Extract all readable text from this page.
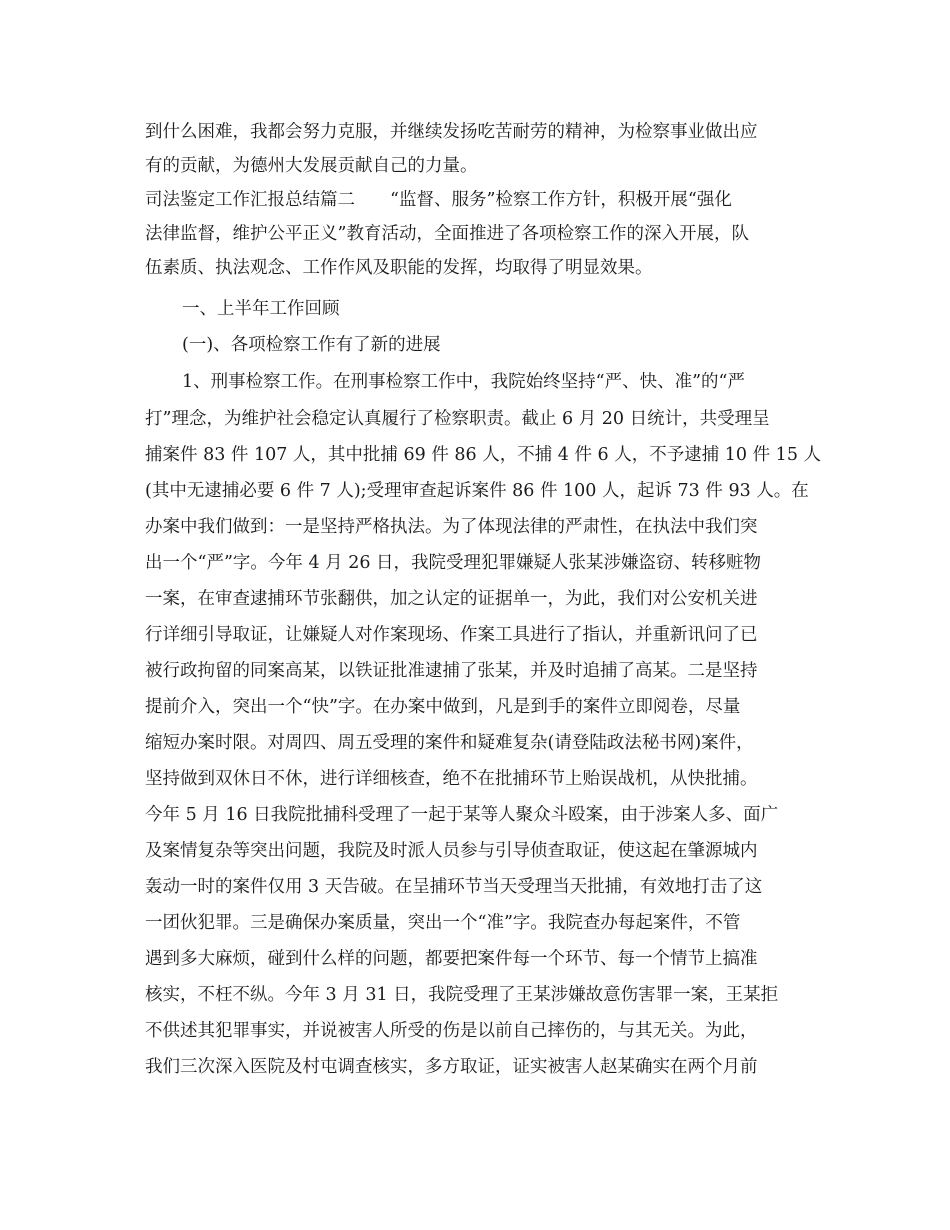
到什么困难，我都会努力克服，并继续发扬吃苦耐劳的精神，为检察事业做出应
有的贡献，为德州大发展贡献自己的力量。
司法鉴定工作汇报总结篇二　　“监督、服务”检察工作方针，积极开展“强化
法律监督，维护公平正义”教育活动，全面推进了各项检察工作的深入开展，队
伍素质、执法观念、工作作风及职能的发挥，均取得了明显效果。
一、上半年工作回顾
(一)、各项检察工作有了新的进展
1、刑事检察工作。在刑事检察工作中，我院始终坚持“严、快、准”的“严
打”理念，为维护社会稳定认真履行了检察职责。截止 6 月 20 日统计，共受理呈
捕案件 83 件 107 人，其中批捕 69 件 86 人，不捕 4 件 6 人，不予逮捕 10 件 15 人
(其中无逮捕必要 6 件 7 人);受理审查起诉案件 86 件 100 人，起诉 73 件 93 人。在
办案中我们做到：一是坚持严格执法。为了体现法律的严肃性，在执法中我们突
出一个“严”字。今年 4 月 26 日，我院受理犯罪嫌疑人张某涉嫌盗窃、转移赃物
一案，在审查逮捕环节张翻供，加之认定的证据单一，为此，我们对公安机关进
行详细引导取证，让嫌疑人对作案现场、作案工具进行了指认，并重新讯问了已
被行政拘留的同案高某，以铁证批准逮捕了张某，并及时追捕了高某。二是坚持
提前介入，突出一个“快”字。在办案中做到，凡是到手的案件立即阅卷，尽量
缩短办案时限。对周四、周五受理的案件和疑难复杂(请登陆政法秘书网)案件，
坚持做到双休日不休，进行详细核查，绝不在批捕环节上贻误战机，从快批捕。
今年 5 月 16 日我院批捕科受理了一起于某等人聚众斗殴案，由于涉案人多、面广
及案情复杂等突出问题，我院及时派人员参与引导侦查取证，使这起在肇源城内
轰动一时的案件仅用 3 天告破。在呈捕环节当天受理当天批捕，有效地打击了这
一团伙犯罪。三是确保办案质量，突出一个“准”字。我院查办每起案件，不管
遇到多大麻烦，碰到什么样的问题，都要把案件每一个环节、每一个情节上搞准
核实，不枉不纵。今年 3 月 31 日，我院受理了王某涉嫌故意伤害罪一案，王某拒
不供述其犯罪事实，并说被害人所受的伤是以前自己摔伤的，与其无关。为此，
我们三次深入医院及村屯调查核实，多方取证，证实被害人赵某确实在两个月前
